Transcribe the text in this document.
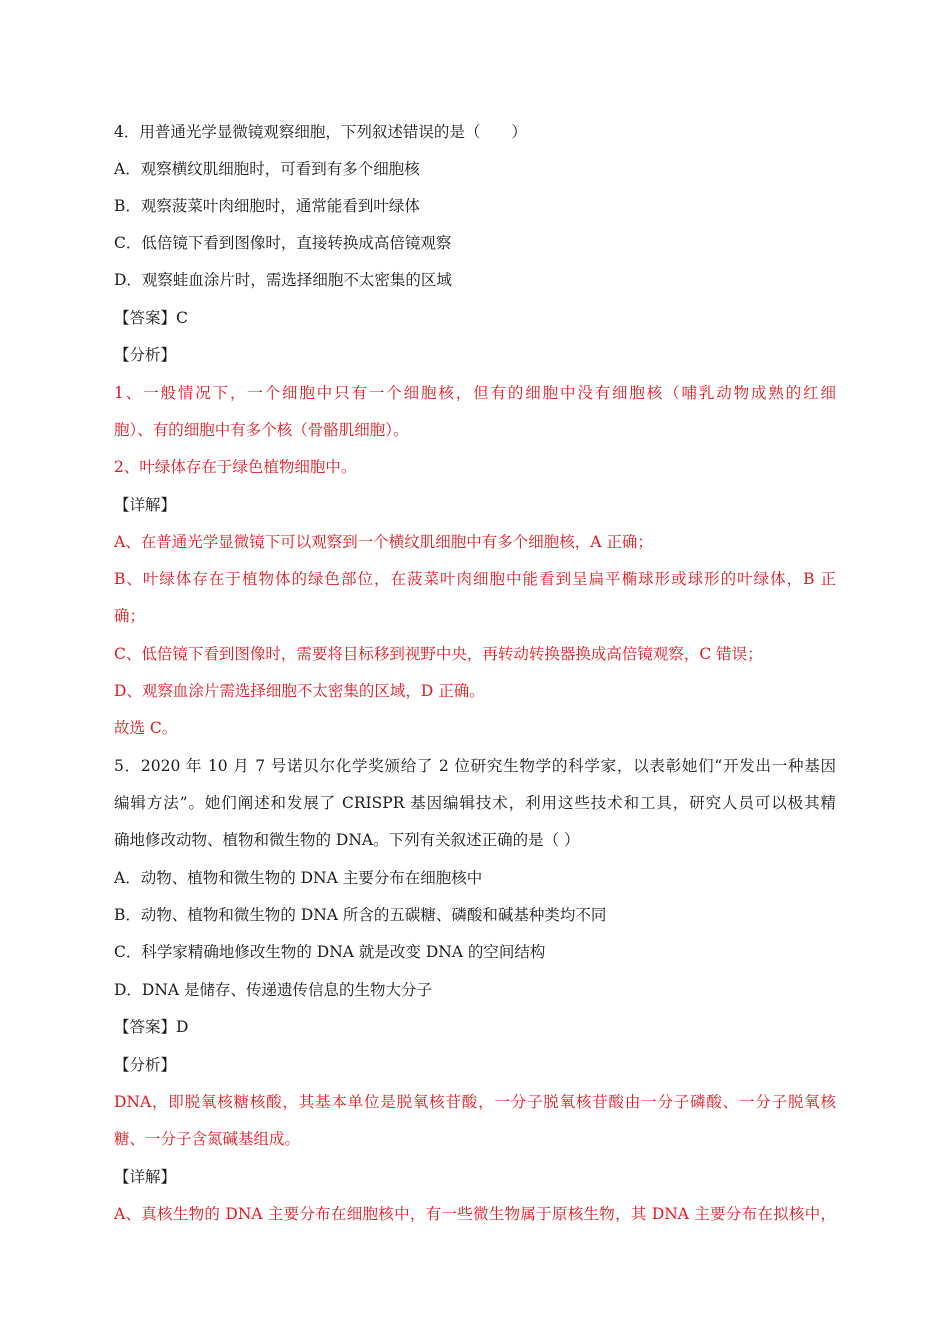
4．用普通光学显微镜观察细胞，下列叙述错误的是（　　）
A．观察横纹肌细胞时，可看到有多个细胞核
B．观察菠菜叶肉细胞时，通常能看到叶绿体
C．低倍镜下看到图像时，直接转换成高倍镜观察
D．观察蛙血涂片时，需选择细胞不太密集的区域
【答案】C
【分析】
1、一般情况下，一个细胞中只有一个细胞核，但有的细胞中没有细胞核（哺乳动物成熟的红细
胞）、有的细胞中有多个核（骨骼肌细胞）。
2、叶绿体存在于绿色植物细胞中。
【详解】
A、在普通光学显微镜下可以观察到一个横纹肌细胞中有多个细胞核，A 正确；
B、叶绿体存在于植物体的绿色部位，在菠菜叶肉细胞中能看到呈扁平椭球形或球形的叶绿体，B 正
确；
C、低倍镜下看到图像时，需要将目标移到视野中央，再转动转换器换成高倍镜观察，C 错误；
D、观察血涂片需选择细胞不太密集的区域，D 正确。
故选 C。
5．2020 年 10 月 7 号诺贝尔化学奖颁给了 2 位研究生物学的科学家，以表彰她们“开发出一种基因
编辑方法”。她们阐述和发展了 CRISPR 基因编辑技术，利用这些技术和工具，研究人员可以极其精
确地修改动物、植物和微生物的 DNA。下列有关叙述正确的是（ ）
A．动物、植物和微生物的 DNA 主要分布在细胞核中
B．动物、植物和微生物的 DNA 所含的五碳糖、磷酸和碱基种类均不同
C．科学家精确地修改生物的 DNA 就是改变 DNA 的空间结构
D．DNA 是储存、传递遗传信息的生物大分子
【答案】D
【分析】
DNA，即脱氧核糖核酸，其基本单位是脱氧核苷酸，一分子脱氧核苷酸由一分子磷酸、一分子脱氧核
糖、一分子含氮碱基组成。
【详解】
A、真核生物的 DNA 主要分布在细胞核中，有一些微生物属于原核生物，其 DNA 主要分布在拟核中，
